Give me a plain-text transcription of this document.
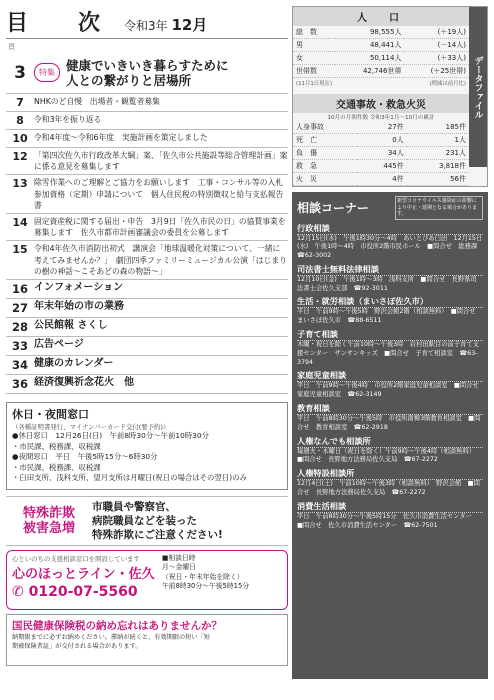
目　次 令和3年 12月
頁
3	特集 健康でいきいき暮らすために
人との繋がりと居場所
7	NHKのど自慢　出場者・観覧者募集
8	令和3年を振り返る
10 令和4年度～令和6年度　実施計画を策定しました
12 「第四次佐久市行政改革大綱」案、「佐久市公共施設等総合管理計画」案に係る意見を募集します
13 除雪作業へのご理解とご協力をお願いします　工事・コンサル等の入札参加資格（定期）申請について　個人住民税の特別徴収と給与支払報告書
14 固定資産税に関する届出・申告　3月9日「佐久市民の日」の協賛事業を募集します　佐久市都市計画審議会の委員を公募します
15 令和4年佐久市消防出初式　講演会「地球温暖化対策について、一緒に考えてみませんか？」　劇団四季ファミリーミュージカル公演「はじまりの樹の神話～こそあどの森の物語～」
16 インフォメーション
27 年末年始の市の業務
28 公民館報 さくし
33 広告ページ
34 健康のカレンダー
36 経済復興祈念花火　他
休日・夜間窓口
（各種証明書発行、マイナンバーカード交付(要予約)）
●休日窓口　12月26日(日)　午前8時30分～午前10時30分
・市民課、税務課、収税課
●夜間窓口　平日　午後5時15分～6時30分
・市民課、税務課、収税課
・臼田支所、浅科支所、望月支所は月曜日(祝日の場合はその翌日)のみ
特殊詐欺
被害急増
市職員や警察官、
病院職員などを装った
特殊詐欺にご注意ください!
心といのちの支援相談窓口を開設しています
心のほっとライン・佐久
✆ 0120-07-5560
■相談日時
月～金曜日
（祝日・年末年始を除く）
午前8時30分～午後5時15分
国民健康保険税の納め忘れはありませんか？
納期限までに必ずお納めください。滞納が続くと、有効期限の短い「短期被保険者証」が交付される場合があります。
データファイル
人　口
総　数	98,555人	(＋19人)
男	48,441人	(－14人)
女	50,114人	(＋33人)
世帯数	42,746世帯	(＋25世帯)
(11月1日現在)	(増減は前月比)
交通事故・救急火災
10月の月間件数 令和3年1月～10月の累計
人身事故	27件	185件
死　亡	0人	1人
負　傷	34人	231人
救　急	445件	3,818件
火　災	4件	56件
相談コーナー
新型コロナウイルス感染症の影響により中止・延期となる場合があります。
行政相談
12月15日(水)　午後1時30分～4時　あいとぴあ臼田　12月15日(水)　午後1時～4時　市役所2階市民ホール　■問合せ　総務課　☎62-3002
司法書士無料法律相談
12月10日(金)　午後1時～3時　浅科支所　■問合せ　長野県司法書士会佐久支部　☎92-3011
生活・就労相談（まいさぽ佐久市）
平日　午前9時～午後5時　野沢会館2階（相談無料）　■問合せ　まいさぽ佐久市　☎88-6511
子育て相談
木曜・祝日を除く午前10時～午後3時　岩村田駅目の前子育て支援センター　サンサンキッズ　■問合せ　子育て相談室　☎63-3794
家庭児童相談
平日　午前9時～午後4時　市役所2階家庭児童相談室　■問合せ　家庭児童相談室　☎62-3149
教育相談
平日　午前8時30分～午後5時　市役所南棟3階教育相談室　■問合せ　教育相談室　☎62-2918
人権なんでも相談所
毎週火・木曜日（祝日を除く）午前9時～午後4時（相談無料）　■問合せ　長野地方法務局佐久支局　☎67-2272
人権特設相談所
12月4日(土)　午前10時～午後3時（相談無料）　野沢会館　■問合せ　長野地方法務局佐久支局　☎67-2272
消費生活相談
平日　午前8時30分～午後5時15分　佐久市消費生活センター　■問合せ　佐久市消費生活センター　☎62-7501
